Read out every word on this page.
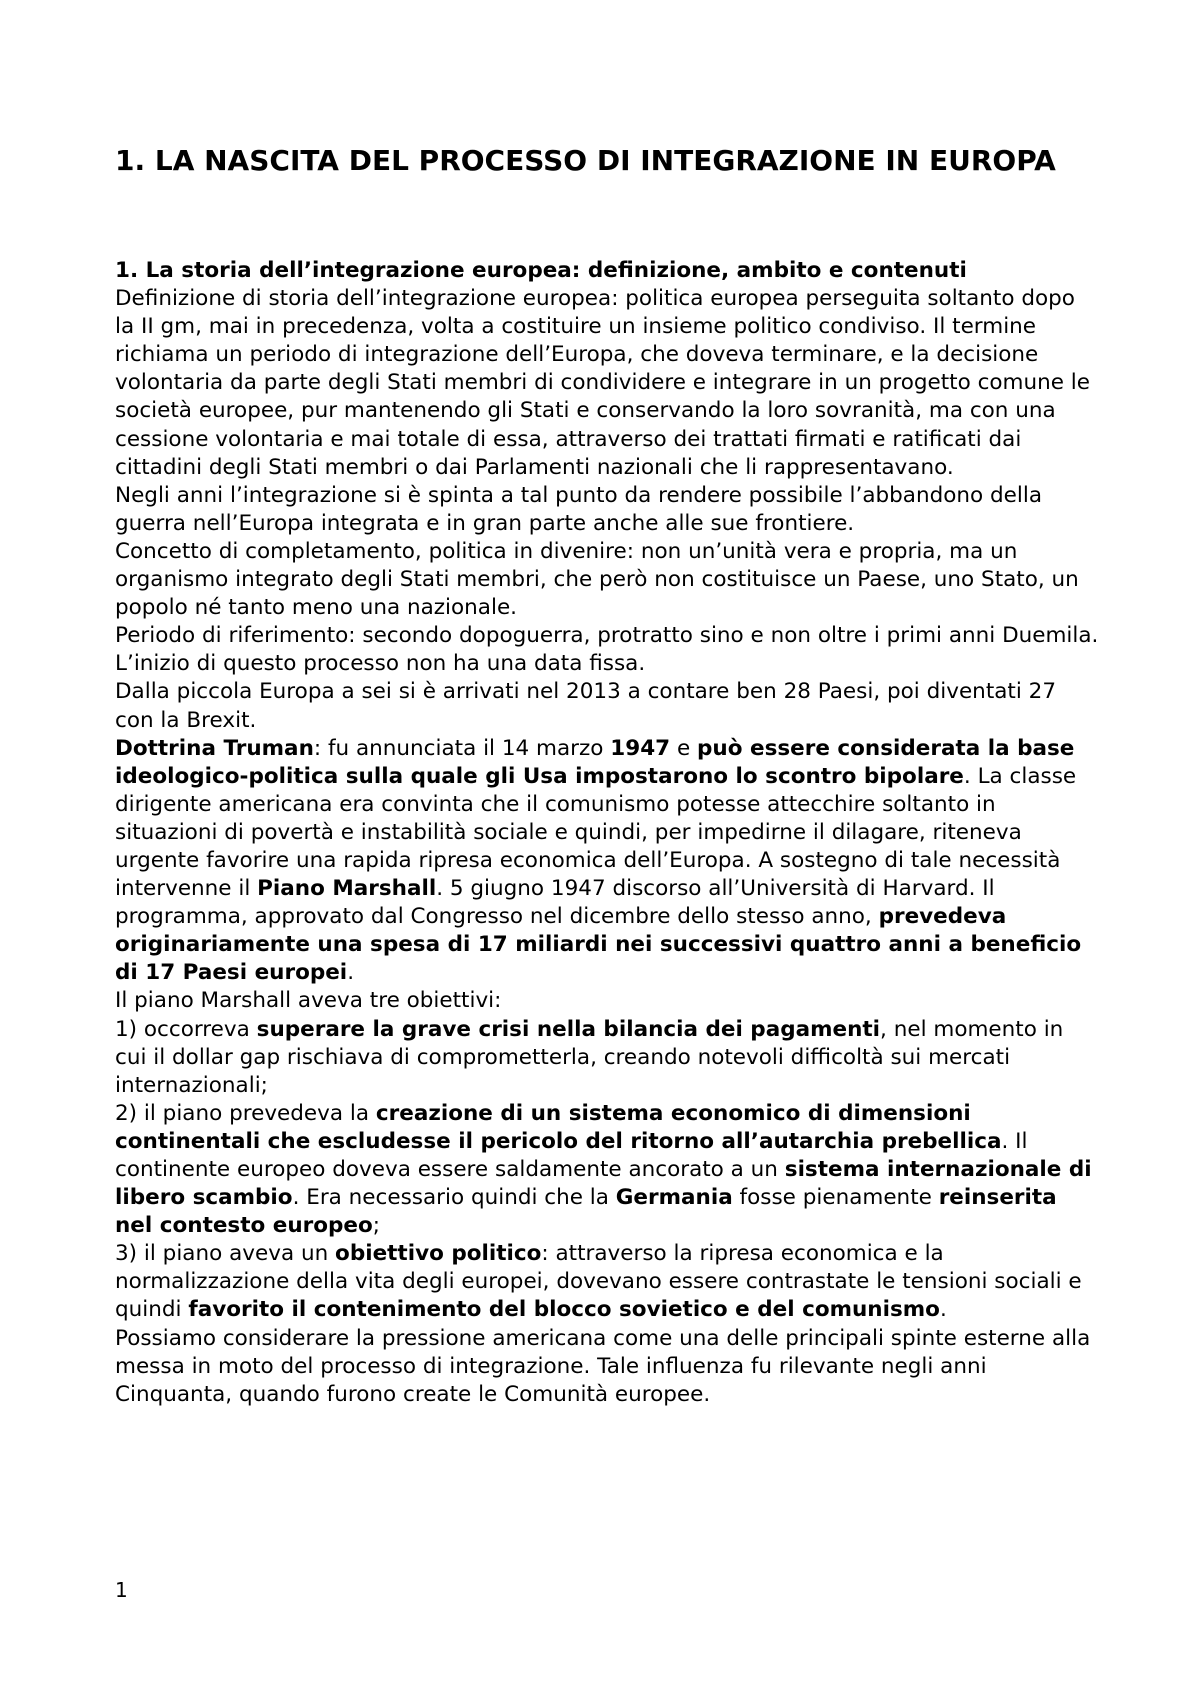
1. LA NASCITA DEL PROCESSO DI INTEGRAZIONE IN EUROPA
1. La storia dell’integrazione europea: definizione, ambito e contenuti

Definizione di storia dell’integrazione europea: politica europea perseguita soltanto dopo la II gm, mai in precedenza, volta a costituire un insieme politico condiviso. Il termine richiama un periodo di integrazione dell’Europa, che doveva terminare, e la decisione volontaria da parte degli Stati membri di condividere e integrare in un progetto comune le società europee, pur mantenendo gli Stati e conservando la loro sovranità, ma con una cessione volontaria e mai totale di essa, attraverso dei trattati firmati e ratificati dai cittadini degli Stati membri o dai Parlamenti nazionali che li rappresentavano.

Negli anni l’integrazione si è spinta a tal punto da rendere possibile l’abbandono della guerra nell’Europa integrata e in gran parte anche alle sue frontiere.

Concetto di completamento, politica in divenire: non un’unità vera e propria, ma un organismo integrato degli Stati membri, che però non costituisce un Paese, uno Stato, un popolo né tanto meno una nazionale.

Periodo di riferimento: secondo dopoguerra, protratto sino e non oltre i primi anni Duemila. L’inizio di questo processo non ha una data fissa.

Dalla piccola Europa a sei si è arrivati nel 2013 a contare ben 28 Paesi, poi diventati 27 con la Brexit.

Dottrina Truman: fu annunciata il 14 marzo 1947 e può essere considerata la base ideologico-politica sulla quale gli Usa impostarono lo scontro bipolare. La classe dirigente americana era convinta che il comunismo potesse attecchire soltanto in situazioni di povertà e instabilità sociale e quindi, per impedirne il dilagare, riteneva urgente favorire una rapida ripresa economica dell’Europa. A sostegno di tale necessità intervenne il Piano Marshall. 5 giugno 1947 discorso all’Università di Harvard. Il programma, approvato dal Congresso nel dicembre dello stesso anno, prevedeva originariamente una spesa di 17 miliardi nei successivi quattro anni a beneficio di 17 Paesi europei.

Il piano Marshall aveva tre obiettivi:

1) occorreva superare la grave crisi nella bilancia dei pagamenti, nel momento in cui il dollar gap rischiava di comprometterla, creando notevoli difficoltà sui mercati internazionali;

2) il piano prevedeva la creazione di un sistema economico di dimensioni continentali che escludesse il pericolo del ritorno all’autarchia prebellica. Il continente europeo doveva essere saldamente ancorato a un sistema internazionale di libero scambio. Era necessario quindi che la Germania fosse pienamente reinserita nel contesto europeo;

3) il piano aveva un obiettivo politico: attraverso la ripresa economica e la normalizzazione della vita degli europei, dovevano essere contrastate le tensioni sociali e quindi favorito il contenimento del blocco sovietico e del comunismo.

Possiamo considerare la pressione americana come una delle principali spinte esterne alla messa in moto del processo di integrazione. Tale influenza fu rilevante negli anni Cinquanta, quando furono create le Comunità europee.

1
